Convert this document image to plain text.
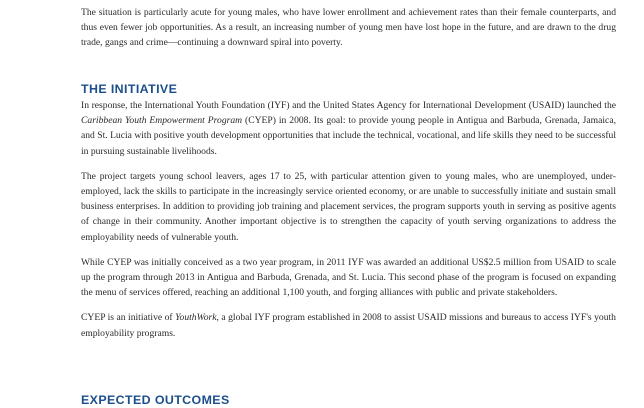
The situation is particularly acute for young males, who have lower enrollment and achievement rates than their female counterparts, and thus even fewer job opportunities. As a result, an increasing number of young men have lost hope in the future, and are drawn to the drug trade, gangs and crime—continuing a downward spiral into poverty.

THE INITIATIVE

In response, the International Youth Foundation (IYF) and the United States Agency for International Development (USAID) launched the Caribbean Youth Empowerment Program (CYEP) in 2008. Its goal: to provide young people in Antigua and Barbuda, Grenada, Jamaica, and St. Lucia with positive youth development opportunities that include the technical, vocational, and life skills they need to be successful in pursuing sustainable livelihoods.

The project targets young school leavers, ages 17 to 25, with particular attention given to young males, who are unemployed, under-employed, lack the skills to participate in the increasingly service oriented economy, or are unable to successfully initiate and sustain small business enterprises. In addition to providing job training and placement services, the program supports youth in serving as positive agents of change in their community. Another important objective is to strengthen the capacity of youth serving organizations to address the employability needs of vulnerable youth.

While CYEP was initially conceived as a two year program, in 2011 IYF was awarded an additional US$2.5 million from USAID to scale up the program through 2013 in Antigua and Barbuda, Grenada, and St. Lucia. This second phase of the program is focused on expanding the menu of services offered, reaching an additional 1,100 youth, and forging alliances with public and private stakeholders.

CYEP is an initiative of YouthWork, a global IYF program established in 2008 to assist USAID missions and bureaus to access IYF's youth employability programs.

EXPECTED OUTCOMES
